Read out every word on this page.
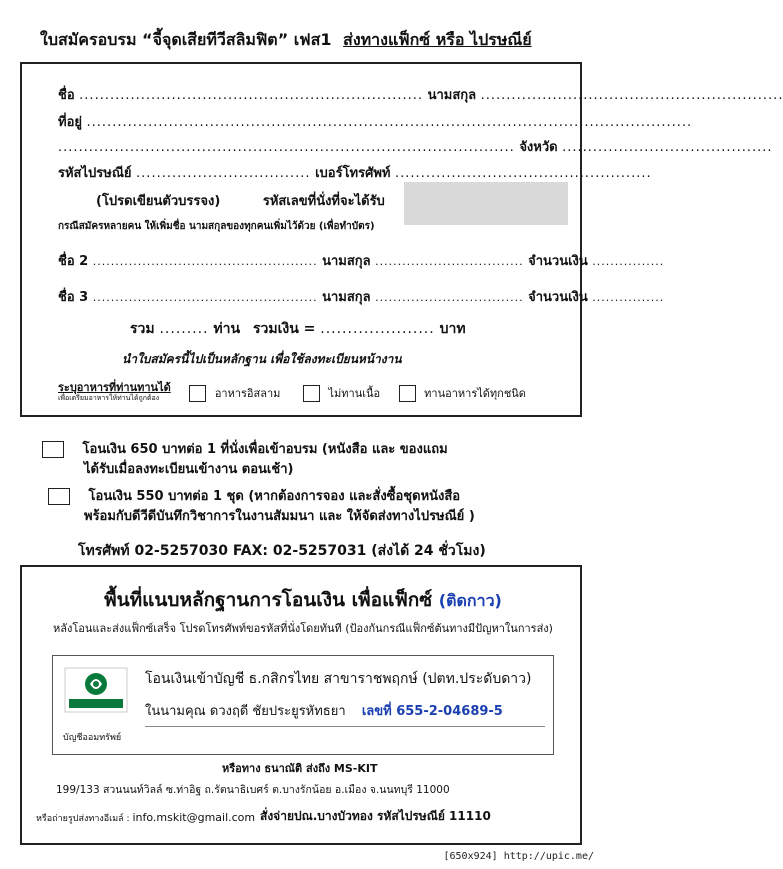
ใบสมัครอบรม “จี้จุดเสียทีวีสลิมฟิต” เฟส1 ส่งทางแฟ็กซ์ หรือ ไปรษณีย์
ชื่อ ................................................................... นามสกุล ...........................................................
ที่อยู่ ......................................................................................................................
......................................................................................... จังหวัด .........................................
รหัสไปรษณีย์ .................................. เบอร์โทรศัพท์ ..................................................
(โปรดเขียนตัวบรรจง)	รหัสเลขที่นั่งที่จะได้รับ
กรณีสมัครหลายคน ให้เพิ่มชื่อ นามสกุลของทุกคนเพิ่มไว้ด้วย (เพื่อทำบัตร)
ชื่อ 2 .................................................. นามสกุล ................................. จำนวนเงิน ................
ชื่อ 3 .................................................. นามสกุล ................................. จำนวนเงิน ................
รวม ......... ท่าน รวมเงิน = ..................... บาท
นำใบสมัครนี้ไปเป็นหลักฐาน เพื่อใช้ลงทะเบียนหน้างาน
ระบุอาหารที่ท่านทานได้
เพื่อเตรียมอาหารให้ท่านได้ถูกต้อง	อาหารอิสลาม	ไม่ทานเนื้อ	ทานอาหารได้ทุกชนิด
โอนเงิน 650 บาทต่อ 1 ที่นั่งเพื่อเข้าอบรม (หนังสือ และ ของแถม
ได้รับเมื่อลงทะเบียนเข้างาน ตอนเช้า)
โอนเงิน 550 บาทต่อ 1 ชุด (หากต้องการจอง และสั่งซื้อชุดหนังสือ
พร้อมกับดีวีดีบันทึกวิชาการในงานสัมมนา และ ให้จัดส่งทางไปรษณีย์ )
โทรศัพท์ 02-5257030 FAX: 02-5257031 (ส่งได้ 24 ชั่วโมง)
พื้นที่แนบหลักฐานการโอนเงิน เพื่อแฟ็กซ์ (ติดกาว)
หลังโอนและส่งแฟ็กซ์เสร็จ โปรดโทรศัพท์ขอรหัสที่นั่งโดยทันที (ป้องกันกรณีแฟ็กซ์ต้นทางมีปัญหาในการส่ง)
บัญชีออมทรัพย์
โอนเงินเข้าบัญชี ธ.กสิกรไทย สาขาราชพฤกษ์ (ปตท.ประดับดาว)
ในนามคุณ ดวงฤดี ชัยประยูรหัทธยา เลขที่ 655-2-04689-5
หรือทาง ธนาณัติ ส่งถึง MS-KIT
199/133 สวนนนท์วิลล์ ซ.ท่าอิฐ ถ.รัตนาธิเบศร์ ต.บางรักน้อย อ.เมือง จ.นนทบุรี 11000
หรือถ่ายรูปส่งทางอีเมล์ : info.mskit@gmail.com สั่งจ่ายปณ.บางบัวทอง รหัสไปรษณีย์ 11110
[650x924] http://upic.me/
